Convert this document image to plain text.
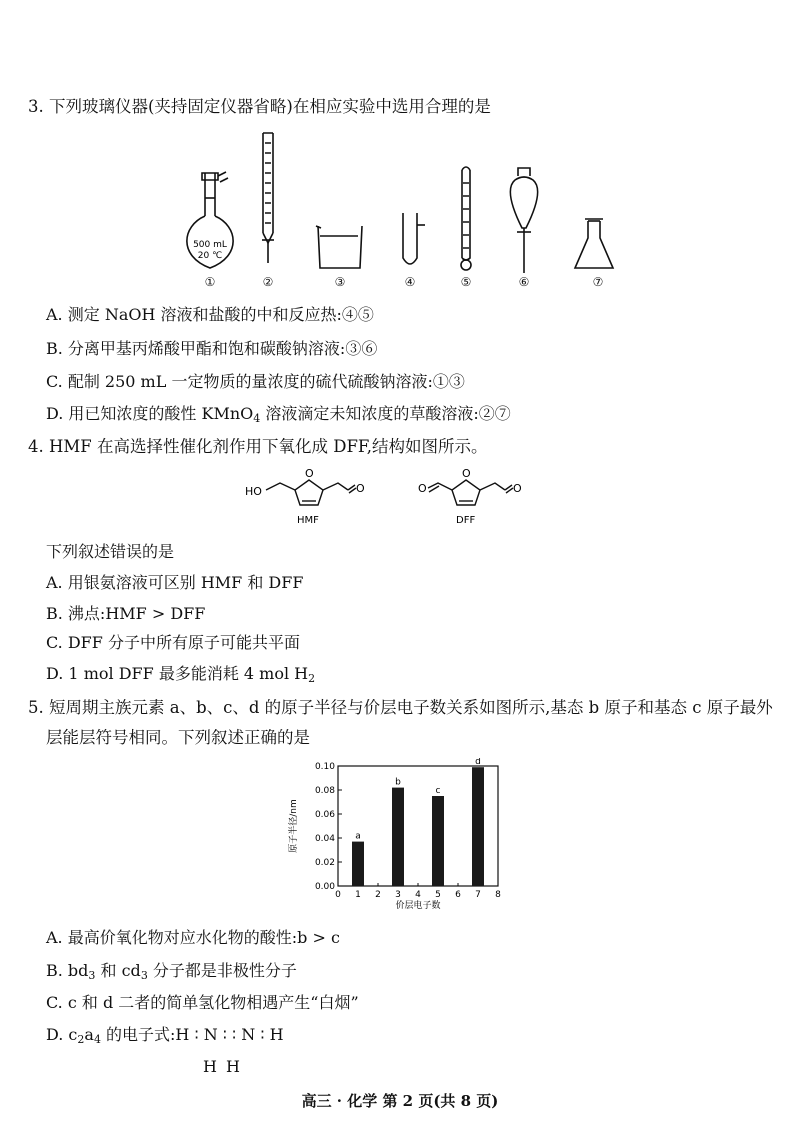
3. 下列玻璃仪器(夹持固定仪器省略)在相应实验中选用合理的是
500 mL
20 ℃
①	②	③	④	⑤	⑥	⑦
A. 测定 NaOH 溶液和盐酸的中和反应热:④⑤
B. 分离甲基丙烯酸甲酯和饱和碳酸钠溶液:③⑥
C. 配制 250 mL 一定物质的量浓度的硫代硫酸钠溶液:①③
D. 用已知浓度的酸性 KMnO$_4$ 溶液滴定未知浓度的草酸溶液:②⑦
4. HMF 在高选择性催化剂作用下氧化成 DFF,结构如图所示。
HO
O
O
HMF
O
O
O
DFF
下列叙述错误的是
A. 用银氨溶液可区别 HMF 和 DFF
B. 沸点:HMF > DFF
C. DFF 分子中所有原子可能共平面
D. 1 mol DFF 最多能消耗 4 mol $H_2$
5. 短周期主族元素 a、b、c、d 的原子半径与价层电子数关系如图所示,基态 b 原子和基态 c 原子最外
层能层符号相同。下列叙述正确的是
0.00
0.02
0.04
0.06
0.08
0.10
0 1 2 3 4 5 6 7 8
a
b
c
d
价层电子数
原子半径/nm
A. 最高价氧化物对应水化物的酸性:b > c
B. $bd_3$ 和 $cd_3$ 分子都是非极性分子
C. c 和 d 二者的简单氢化物相遇产生“白烟”
D. $c_2a_4$ 的电子式:H ∶ N ∶ ∶ N ∶ H
H H
高三 · 化学 第 2 页(共 8 页)
